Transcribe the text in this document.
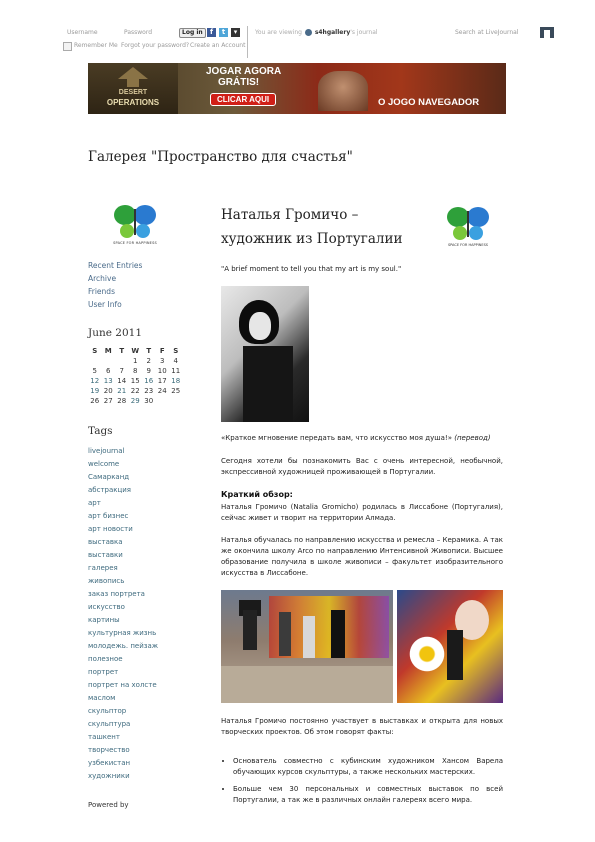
Username	Password	Log in	f	t	▾	You are viewing s4hgallery's journal	Search at LiveJournal
Remember Me Forgot your password? Create an Account
DESERT
OPERATIONS
JOGAR AGORA
GRÁTIS!
CLICAR AQUI	O JOGO NAVEGADOR
Галерея "Пространство для счастья"
SPACE FOR HAPPINESS
Recent Entries
Archive
Friends
User Info
June 2011
S	M	T	W	T	F	S
			1	2	3	4
5	6	7	8	9	10	11
12	13	14	15	16	17	18
19	20	21	22	23	24	25
26	27	28	29	30		
Tags
livejournal
welcome
Самарканд
абстракция
арт
арт бизнес
арт новости
выставка
выставки
галерея
живопись
заказ портрета
искусство
картины
культурная жизнь
молодежь. пейзаж
полезное
портрет
портрет на холсте маслом
скульптор
скульптура
ташкент
творчество
узбекистан
художники
Powered by
Наталья Громичо – художник из Португалии	SPACE FOR HAPPINESS
"A brief moment to tell you that my art is my soul."
«Краткое мгновение передать вам, что искусство моя душа!» (перевод)
Сегодня хотели бы познакомить Вас с очень интересной, необычной, экспрессивной художницей проживающей в Португалии.
Краткий обзор:
Наталья Громичо (Natalia Gromicho) родилась в Лиссабоне (Португалия), сейчас живет и творит на территории Алмада.
Наталья обучалась по направлению искусства и ремесла – Керамика. А так же окончила школу Arco по направлению Интенсивной Живописи. Высшее образование получила в школе живописи – факультет изобразительного искусства в Лиссабоне.
Наталья Громичо постоянно участвует в выставках и открыта для новых творческих проектов. Об этом говорят факты:
• Основатель совместно с кубинским художником Хансом Варела обучающих курсов скульптуры, а также нескольких мастерских.
• Больше чем 30 персональных и совместных выставок по всей Португалии, а так же в различных онлайн галереях всего мира.
